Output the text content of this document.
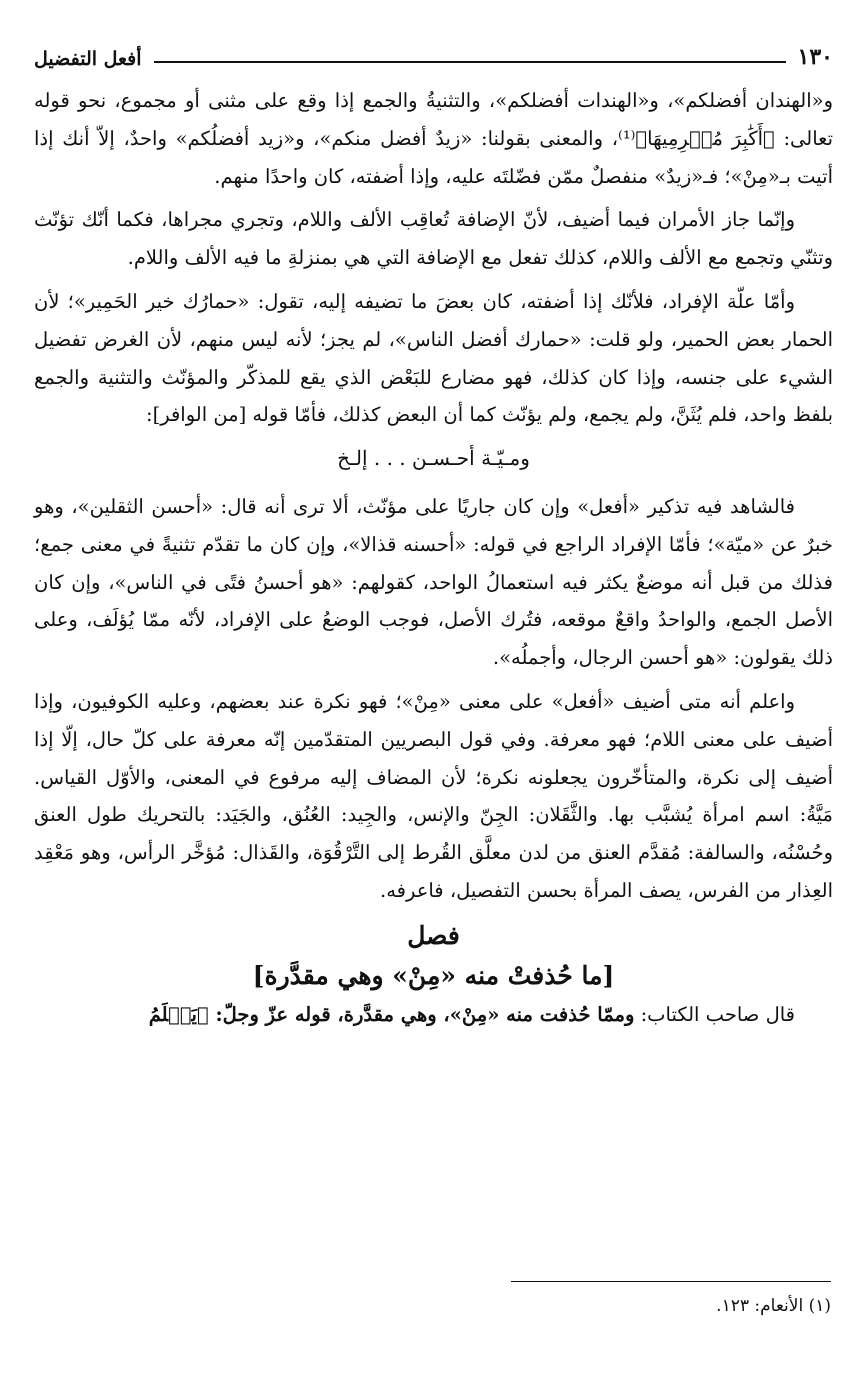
١٣٠
أفعل التفضيل

و«الهندان أفضلكم»، و«الهندات أفضلكم»، والتثنيةُ والجمع إذا وقع على مثنى أو مجموع، نحو قوله تعالى: ﴿أَكَٰبِرَ مُجۡرِمِيهَا﴾⁽¹⁾، والمعنى بقولنا: «زيدٌ أفضل منكم»، و«زيد أفضلُكم» واحدٌ، إلاّ أنك إذا أتيت بـ«مِنْ»؛ فـ«زيدٌ» منفصلٌ ممّن فضّلتَه عليه، وإذا أضفته، كان واحدًا منهم.

وإنّما جاز الأمران فيما أضيف، لأنّ الإضافة تُعاقِب الألف واللام، وتجري مجراها، فكما أنّك تؤنّث وتثنّي وتجمع مع الألف واللام، كذلك تفعل مع الإضافة التي هي بمنزلةِ ما فيه الألف واللام.

وأمّا علّة الإفراد، فلأنّك إذا أضفته، كان بعضَ ما تضيفه إليه، تقول: «حمارُك خير الحَمِير»؛ لأن الحمار بعض الحمير، ولو قلت: «حمارك أفضل الناس»، لم يجز؛ لأنه ليس منهم، لأن الغرض تفضيل الشيء على جنسه، وإذا كان كذلك، فهو مضارع للبَعْض الذي يقع للمذكّر والمؤنّث والتثنية والجمع بلفظ واحد، فلم يُثَنَّ، ولم يجمع، ولم يؤنّث كما أن البعض كذلك، فأمّا قوله [من الوافر]:

ومـيّـة أحـسـن . . . إلـخ

فالشاهد فيه تذكير «أفعل» وإن كان جاريًا على مؤنّث، ألا ترى أنه قال: «أحسن الثقلين»، وهو خبرٌ عن «ميّة»؛ فأمّا الإفراد الراجع في قوله: «أحسنه قذالا»، وإن كان ما تقدّم تثنيةً في معنى جمع؛ فذلك من قبل أنه موضعٌ يكثر فيه استعمالُ الواحد، كقولهم: «هو أحسنُ فتًى في الناس»، وإن كان الأصل الجمع، والواحدُ واقعٌ موقعه، فتُرك الأصل، فوجب الوضعُ على الإفراد، لأنّه ممّا يُؤلَف، وعلى ذلك يقولون: «هو أحسن الرجال، وأجملُه».

واعلم أنه متى أضيف «أفعل» على معنى «مِنْ»؛ فهو نكرة عند بعضهم، وعليه الكوفيون، وإذا أضيف على معنى اللام؛ فهو معرفة. وفي قول البصريين المتقدّمين إنّه معرفة على كلّ حال، إلّا إذا أضيف إلى نكرة، والمتأخّرون يجعلونه نكرة؛ لأن المضاف إليه مرفوع في المعنى، والأوّل القياس. مَيَّةُ: اسم امرأة يُشبَّب بها. والثَّقَلان: الجِنّ والإنس، والجِيد: العُنُق، والجَيَد: بالتحريك طول العنق وحُسْنُه، والسالفة: مُقدَّم العنق من لدن معلَّق القُرط إلى التَّرْقُوَة، والقَذال: مُؤخَّر الرأس، وهو مَعْقِد العِذار من الفرس، يصف المرأة بحسن التفصيل، فاعرفه.

فصل
[ما حُذفتْ منه «مِنْ» وهي مقدَّرة]

قال صاحب الكتاب: وممّا حُذفت منه «مِنْ»، وهي مقدَّرة، قوله عزّ وجلّ: ﴿يَعۡلَمُ

(١) الأنعام: ١٢٣.
